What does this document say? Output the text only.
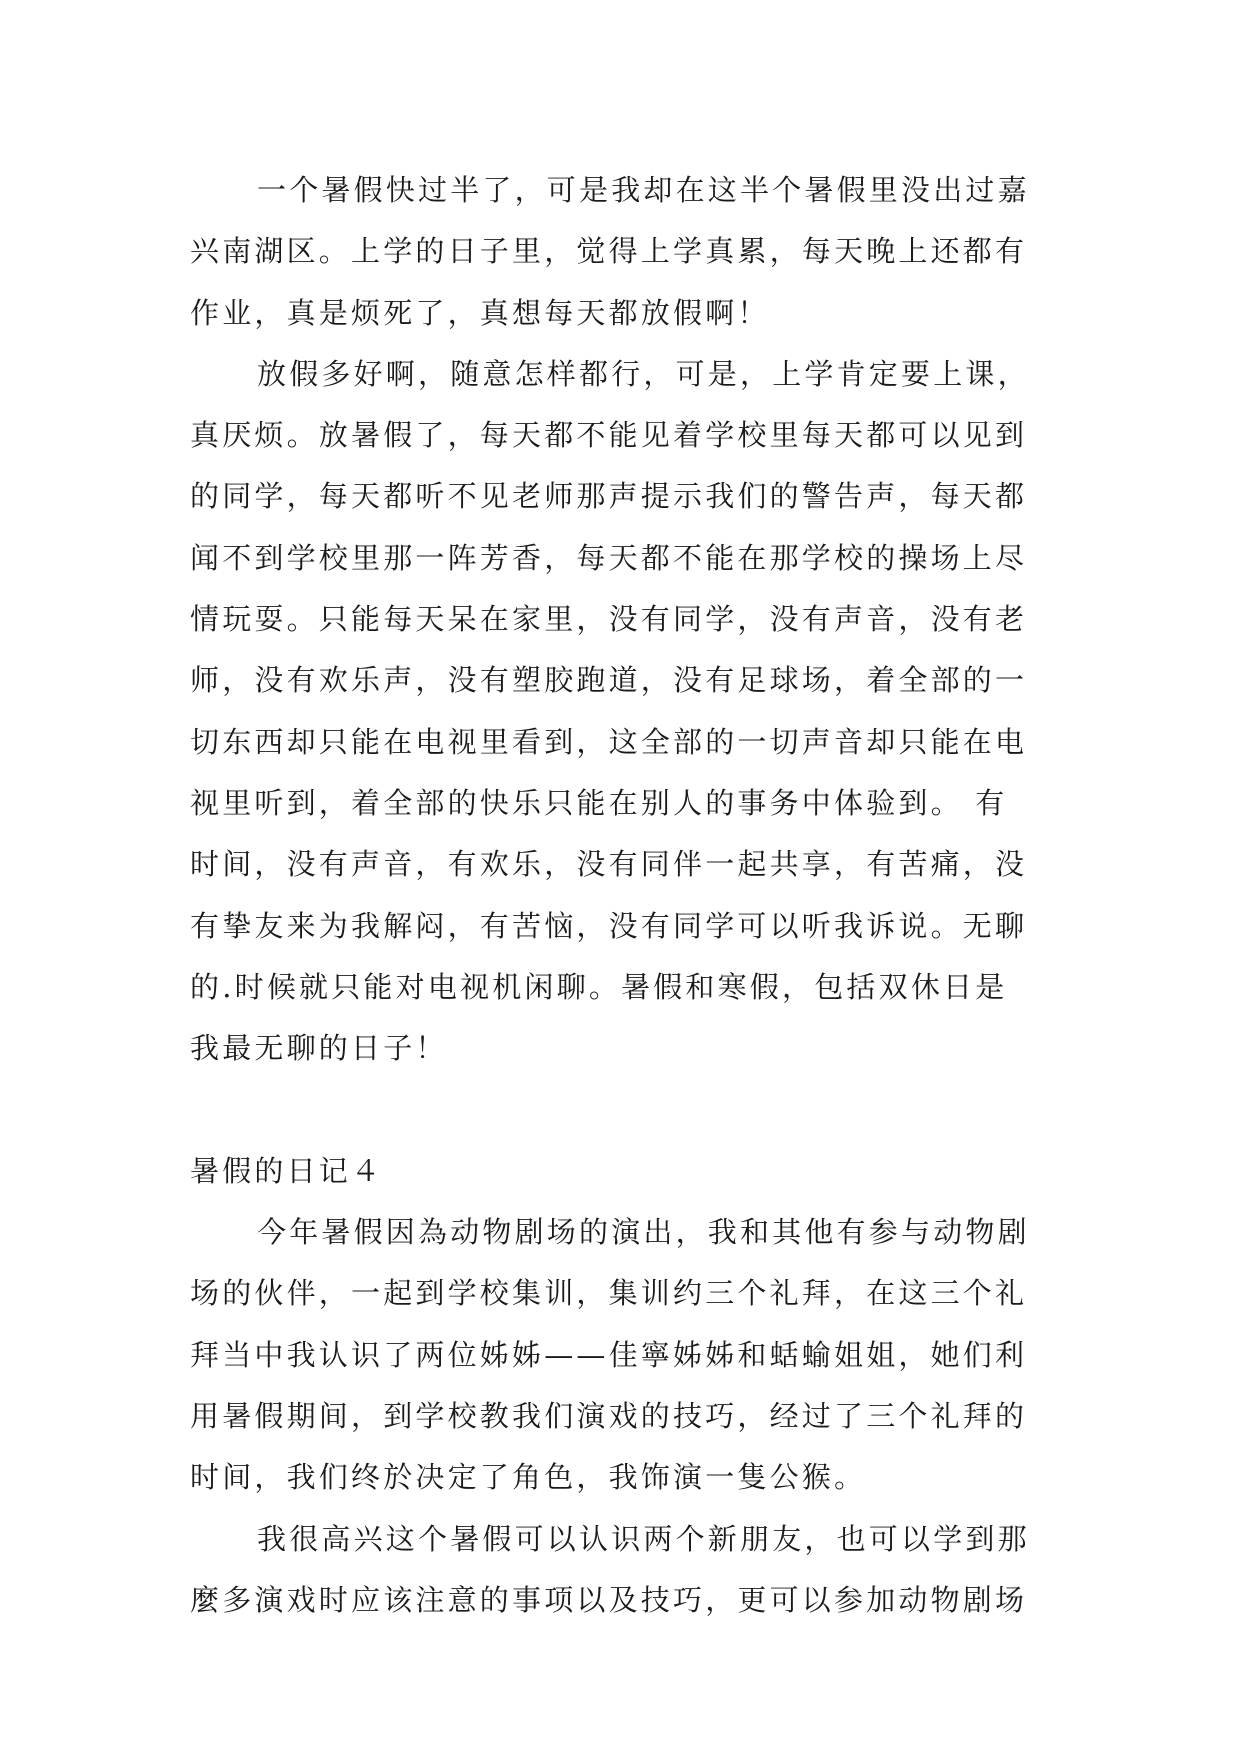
一个暑假快过半了，可是我却在这半个暑假里没出过嘉
兴南湖区。上学的日子里，觉得上学真累，每天晚上还都有
作业，真是烦死了，真想每天都放假啊！
放假多好啊，随意怎样都行，可是，上学肯定要上课，
真厌烦。放暑假了，每天都不能见着学校里每天都可以见到
的同学，每天都听不见老师那声提示我们的警告声，每天都
闻不到学校里那一阵芳香，每天都不能在那学校的操场上尽
情玩耍。只能每天呆在家里，没有同学，没有声音，没有老
师，没有欢乐声，没有塑胶跑道，没有足球场，着全部的一
切东西却只能在电视里看到，这全部的一切声音却只能在电
视里听到，着全部的快乐只能在别人的事务中体验到。 有
时间，没有声音，有欢乐，没有同伴一起共享，有苦痛，没
有挚友来为我解闷，有苦恼，没有同学可以听我诉说。无聊
的.时候就只能对电视机闲聊。暑假和寒假，包括双休日是
我最无聊的日子！
暑假的日记４
今年暑假因為动物剧场的演出，我和其他有参与动物剧
场的伙伴，一起到学校集训，集训约三个礼拜，在这三个礼
拜当中我认识了两位姊姊——佳寧姊姊和蛞蝓姐姐，她们利
用暑假期间，到学校教我们演戏的技巧，经过了三个礼拜的
时间，我们终於决定了角色，我饰演一隻公猴。
我很高兴这个暑假可以认识两个新朋友，也可以学到那
麼多演戏时应该注意的事项以及技巧，更可以参加动物剧场
